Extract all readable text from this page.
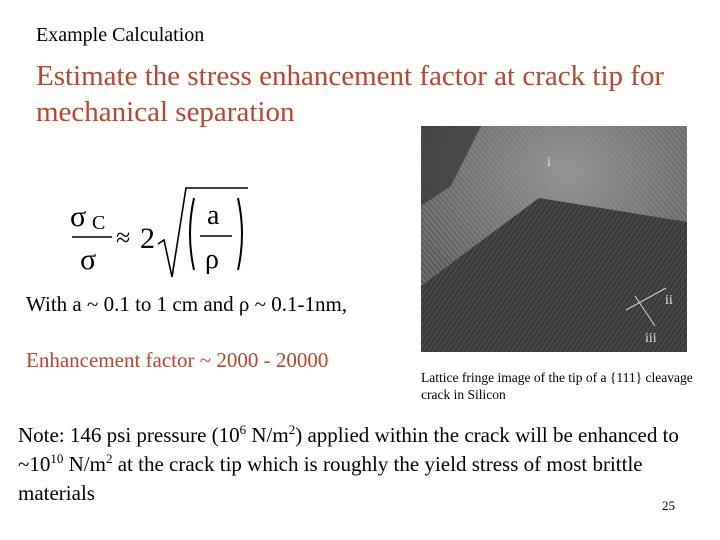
Example Calculation
Estimate the stress enhancement factor at crack tip for mechanical separation
σ C
σ
≈ 2
a
ρ
With a ~ 0.1 to 1 cm and ρ ~ 0.1-1nm,
Enhancement factor ~ 2000 - 20000
i
ii
iii
Lattice fringe image of the tip of a {111} cleavage crack in Silicon
Note: 146 psi pressure ($10^6$ $N/m^2$) applied within the crack will be enhanced to $\sim 10^{10}$ $N/m^2$ at the crack tip which is roughly the yield stress of most brittle materials
25
